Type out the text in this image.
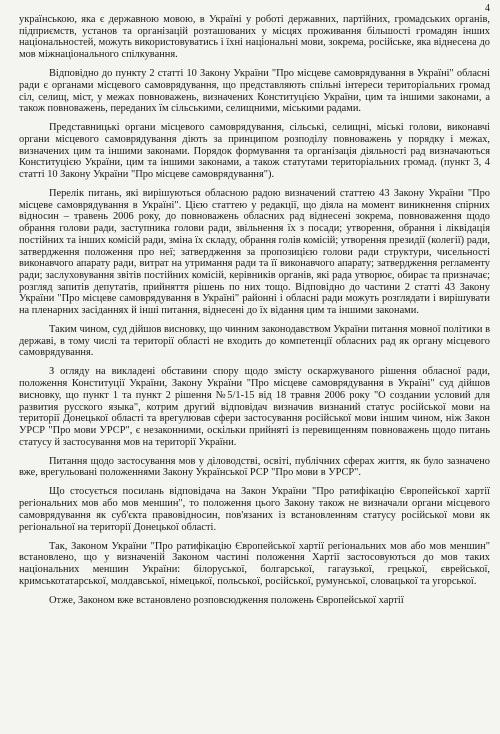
4

українською, яка є державною мовою, в Україні у роботі державних, партійних, громадських органів, підприємств, установ та організацій розташованих у місцях проживання більшості громадян інших національностей, можуть використовуватись і їхні національні мови, зокрема, російське, яка віднесена до мов міжнаціонального спілкування.

Відповідно до пункту 2 статті 10 Закону України "Про місцеве самоврядування в Україні" обласні ради є органами місцевого самоврядування, що представляють спільні інтереси територіальних громад сіл, селищ, міст, у межах повноважень, визначених Конституцією України, цим та іншими законами, а також повноважень, переданих їм сільськими, селищними, міськими радами.

Представницькі органи місцевого самоврядування, сільські, селищні, міські голови, виконавчі органи місцевого самоврядування діють за принципом розподілу повноважень у порядку і межах, визначених цим та іншими законами. Порядок формування та організація діяльності рад визначаються Конституцією України, цим та іншими законами, а також статутами територіальних громад. (пункт 3, 4 статті 10 Закону України "Про місцеве самоврядування").

Перелік питань, які вирішуються обласною радою визначений статтею 43 Закону України "Про місцеве самоврядування в Україні". Цією статтею у редакції, що діяла на момент виникнення спірних відносин – травень 2006 року, до повноважень обласних рад віднесені зокрема, повноваження щодо обрання голови ради, заступника голови ради, звільнення їх з посади; утворення, обрання і ліквідація постійних та інших комісій ради, зміна їх складу, обрання голів комісій; утворення президії (колегії) ради, затвердження положення про неї; затвердження за пропозицією голови ради структури, чисельності виконавчого апарату ради, витрат на утримання ради та її виконавчого апарату; затвердження регламенту ради; заслуховування звітів постійних комісій, керівників органів, які рада утворює, обирає та призначає; розгляд запитів депутатів, прийняття рішень по них тощо. Відповідно до частини 2 статті 43 Закону України "Про місцеве самоврядування в Україні" районні і обласні ради можуть розглядати і вирішувати на пленарних засіданнях й інші питання, віднесені до їх відання цим та іншими законами.

Таким чином, суд дійшов висновку, що чинним законодавством України питання мовної політики в державі, в тому числі та території області не входить до компетенції обласних рад як органу місцевого самоврядування.

З огляду на викладені обставини спору щодо змісту оскаржуваного рішення обласної ради, положення Конституції України, Закону України "Про місцеве самоврядування в Україні" суд дійшов висновку, що пункт 1 та пункт 2 рішення №5/1-15 від 18 травня 2006 року "О создании условий для развития русского языка", котрим другий відповідач визначив визнаний статус російської мови на території Донецької області та врегулював сфери застосування російської мови іншим чином, ніж Закон УРСР "Про мови УРСР", є незаконними, оскільки прийняті із перевищенням повноважень щодо питань статусу й застосування мов на території України.

Питання щодо застосування мов у діловодстві, освіті, публічних сферах життя, як було зазначено вже, врегульовані положеннями Закону Української РСР "Про мови в УРСР".

Що стосується посилань відповідача на Закон України "Про ратифікацію Європейської хартії регіональних мов або мов меншин", то положення цього Закону також не визначали органи місцевого самоврядування як суб'єкта правовідносин, пов'язаних із встановленням статусу російської мови як регіональної на території Донецької області.

Так, Законом України "Про ратифікацію Європейської хартії регіональних мов або мов меншин" встановлено, що у визначеній Законом частині положення Хартії застосовуються до мов таких національних меншин України: білоруської, болгарської, гагаузької, грецької, єврейської, кримськотатарської, молдавської, німецької, польської, російської, румунської, словацької та угорської.

Отже, Законом вже встановлено розповсюдження положень Європейської хартії
